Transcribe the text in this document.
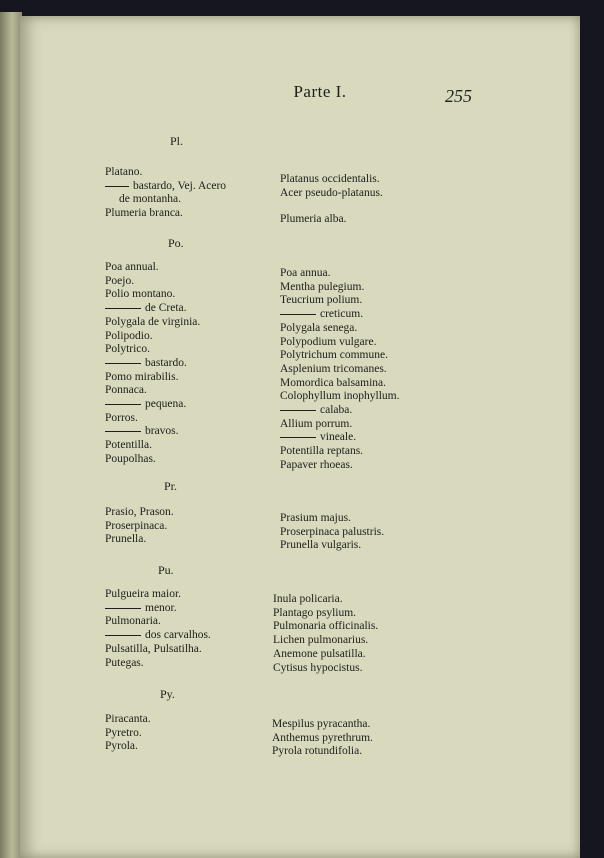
Parte I.	255
Pl.
Platano.
bastardo, Vej. Acero
de montanha.
Plumeria branca.
Platanus occidentalis.
Acer pseudo-platanus.
Plumeria alba.
Po.
Poa annual.
Poejo.
Polio montano.
de Creta.
Polygala de virginia.
Polipodio.
Polytrico.
bastardo.
Pomo mirabilis.
Ponnaca.
pequena.
Porros.
bravos.
Potentilla.
Poupolhas.
Poa annua.
Mentha pulegium.
Teucrium polium.
creticum.
Polygala senega.
Polypodium vulgare.
Polytrichum commune.
Asplenium tricomanes.
Momordica balsamina.
Colophyllum inophyllum.
calaba.
Allium porrum.
vineale.
Potentilla reptans.
Papaver rhoeas.
Pr.
Prasio, Prason.
Proserpinaca.
Prunella.
Prasium majus.
Proserpinaca palustris.
Prunella vulgaris.
Pu.
Pulgueira maior.
menor.
Pulmonaria.
dos carvalhos.
Pulsatilla, Pulsatilha.
Putegas.
Inula policaria.
Plantago psylium.
Pulmonaria officinalis.
Lichen pulmonarius.
Anemone pulsatilla.
Cytisus hypocistus.
Py.
Piracanta.
Pyretro.
Pyrola.
Mespilus pyracantha.
Anthemus pyrethrum.
Pyrola rotundifolia.
